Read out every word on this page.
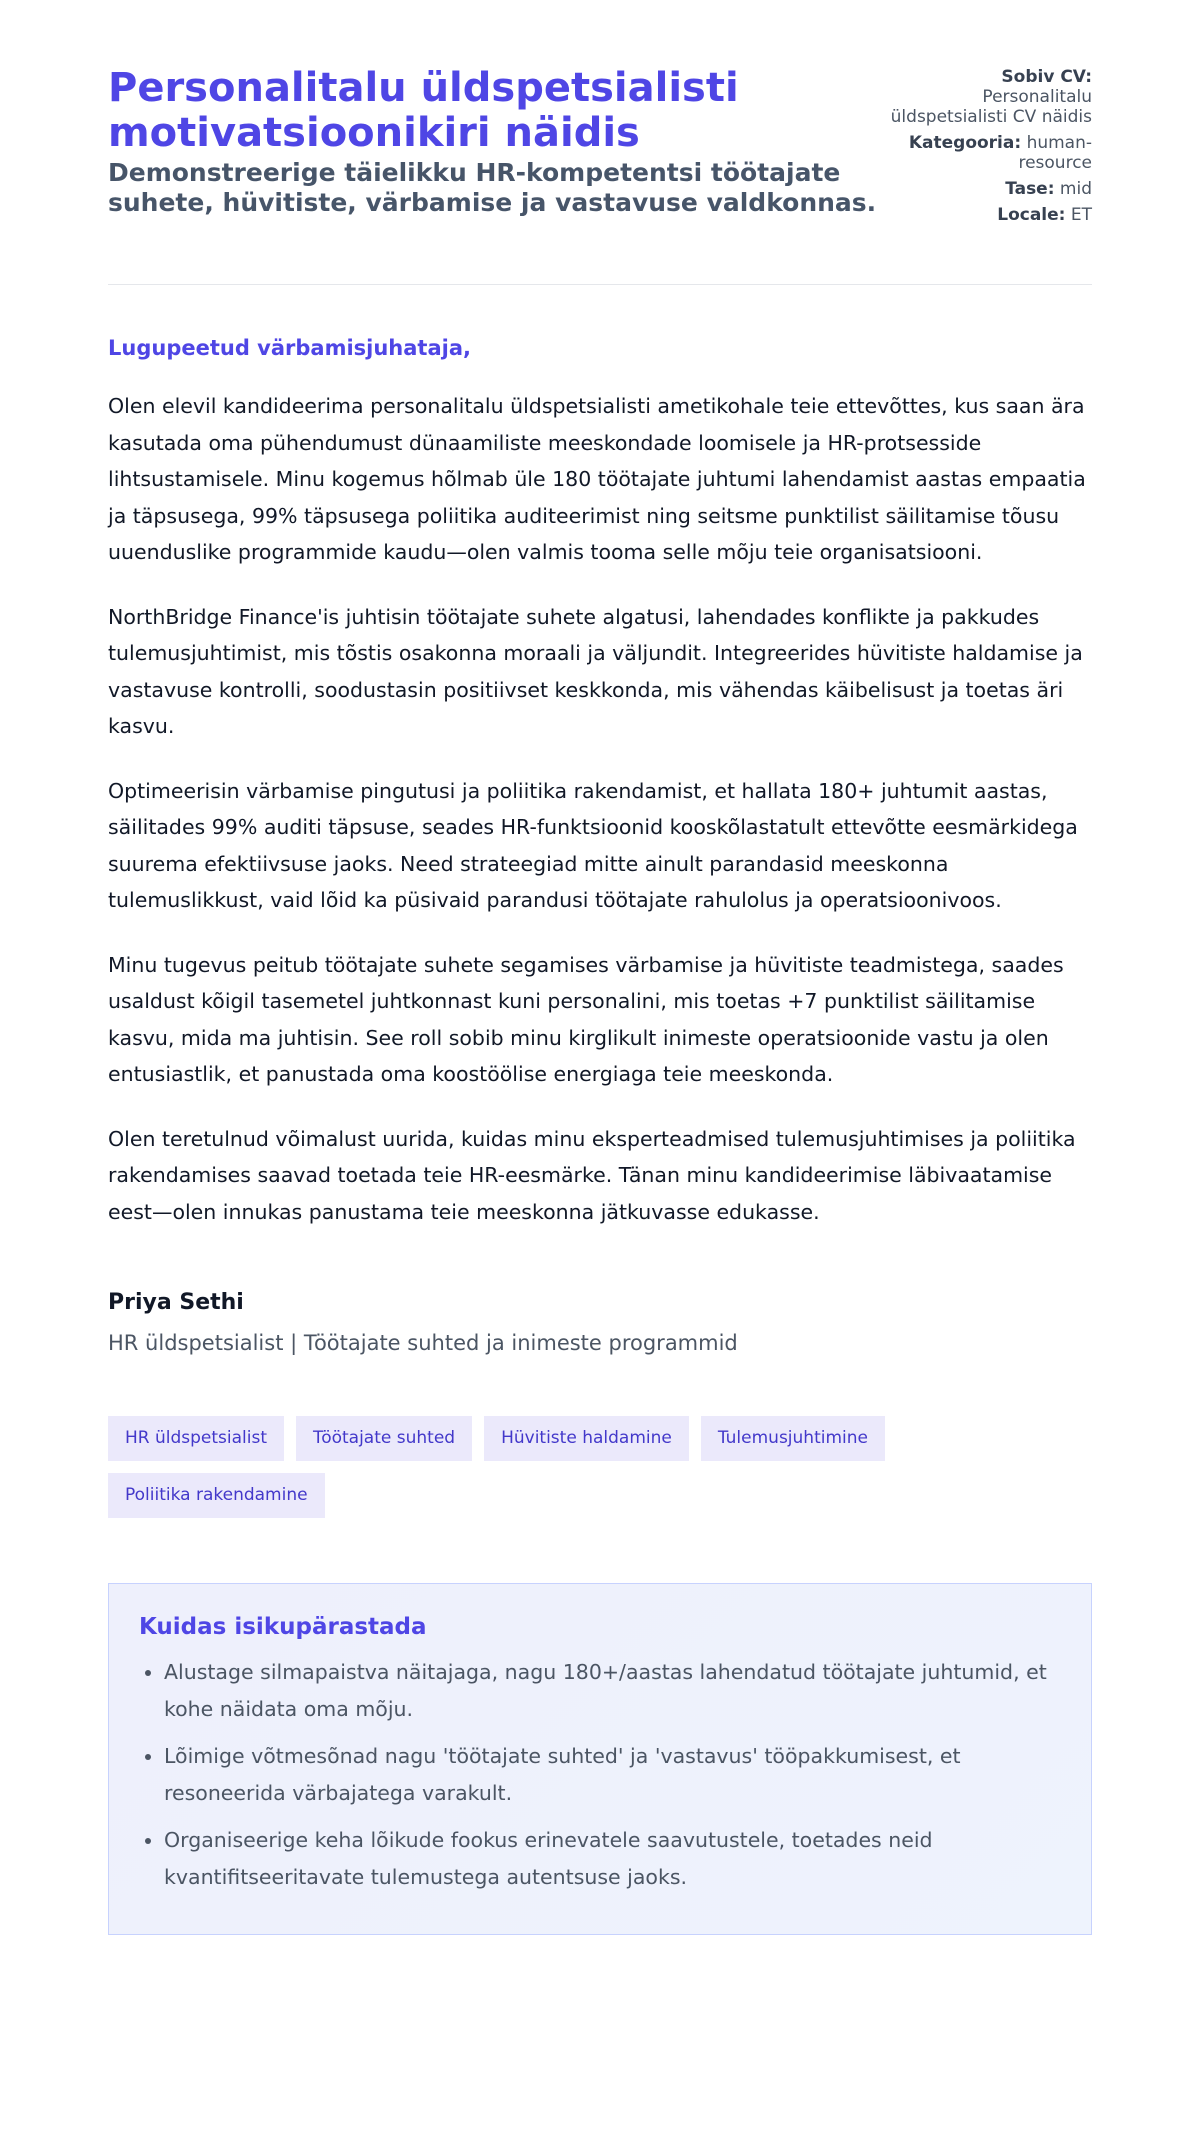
Personalitalu üldspetsialisti motivatsioonikiri näidis
Demonstreerige täielikku HR-kompetentsi töötajate suhete, hüvitiste, värbamise ja vastavuse valdkonnas.
Sobiv CV:
Personalitalu üldspetsialisti CV näidis
Kategooria: human-resource
Tase: mid
Locale: ET

Lugupeetud värbamisjuhataja,

Olen elevil kandideerima personalitalu üldspetsialisti ametikohale teie ettevõttes, kus saan ära kasutada oma pühendumust dünaamiliste meeskondade loomisele ja HR-protsesside lihtsustamisele. Minu kogemus hõlmab üle 180 töötajate juhtumi lahendamist aastas empaatia ja täpsusega, 99% täpsusega poliitika auditeerimist ning seitsme punktilist säilitamise tõusu uuenduslike programmide kaudu—olen valmis tooma selle mõju teie organisatsiooni.

NorthBridge Finance'is juhtisin töötajate suhete algatusi, lahendades konflikte ja pakkudes tulemusjuhtimist, mis tõstis osakonna moraali ja väljundit. Integreerides hüvitiste haldamise ja vastavuse kontrolli, soodustasin positiivset keskkonda, mis vähendas käibelisust ja toetas äri kasvu.

Optimeerisin värbamise pingutusi ja poliitika rakendamist, et hallata 180+ juhtumit aastas, säilitades 99% auditi täpsuse, seades HR-funktsioonid kooskõlastatult ettevõtte eesmärkidega suurema efektiivsuse jaoks. Need strateegiad mitte ainult parandasid meeskonna tulemuslikkust, vaid lõid ka püsivaid parandusi töötajate rahulolus ja operatsioonivoos.

Minu tugevus peitub töötajate suhete segamises värbamise ja hüvitiste teadmistega, saades usaldust kõigil tasemetel juhtkonnast kuni personalini, mis toetas +7 punktilist säilitamise kasvu, mida ma juhtisin. See roll sobib minu kirglikult inimeste operatsioonide vastu ja olen entusiastlik, et panustada oma koostöölise energiaga teie meeskonda.

Olen teretulnud võimalust uurida, kuidas minu eksperteadmised tulemusjuhtimises ja poliitika rakendamises saavad toetada teie HR-eesmärke. Tänan minu kandideerimise läbivaatamise eest—olen innukas panustama teie meeskonna jätkuvasse edukasse.

Priya Sethi
HR üldspetsialist | Töötajate suhted ja inimeste programmid
HR üldspetsialist	Töötajate suhted	Hüvitiste haldamine	Tulemusjuhtimine
Poliitika rakendamine
Kuidas isikupärastada
• Alustage silmapaistva näitajaga, nagu 180+/aastas lahendatud töötajate juhtumid, et kohe näidata oma mõju.
• Lõimige võtmesõnad nagu 'töötajate suhted' ja 'vastavus' tööpakkumisest, et resoneerida värbajatega varakult.
• Organiseerige keha lõikude fookus erinevatele saavutustele, toetades neid kvantifitseeritavate tulemustega autentsuse jaoks.
